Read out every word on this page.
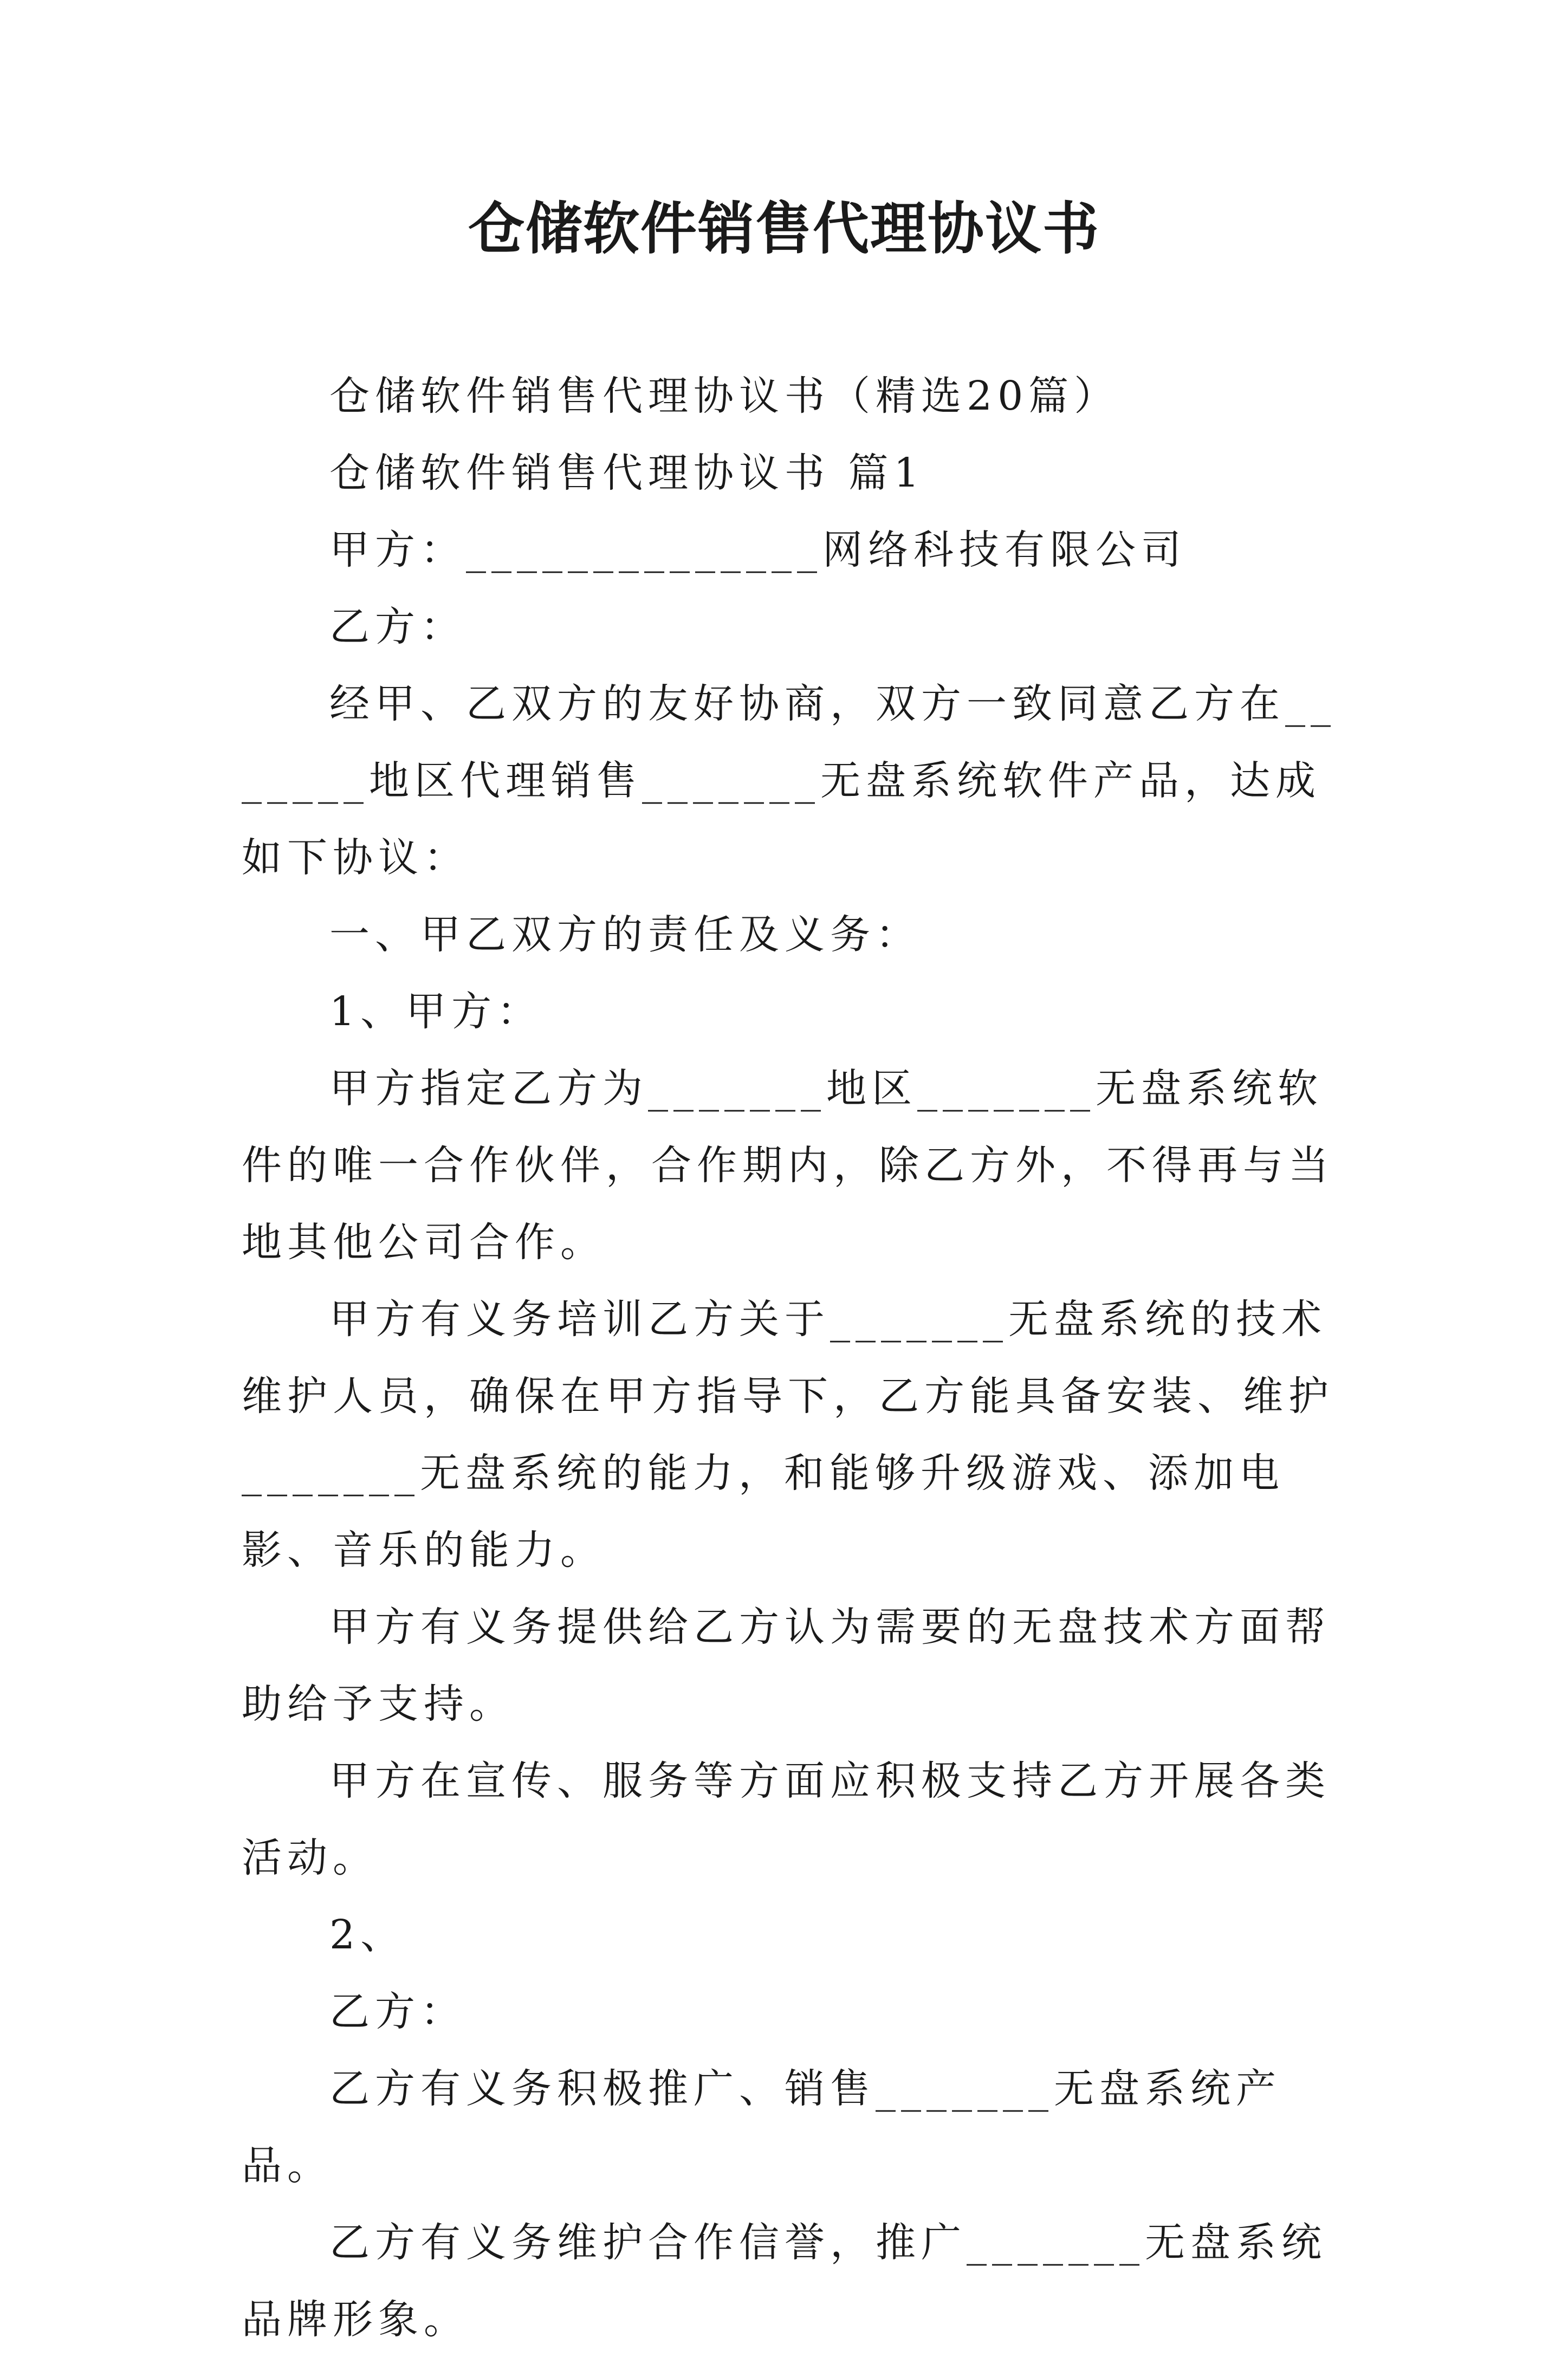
仓储软件销售代理协议书

仓储软件销售代理协议书（精选20篇）

仓储软件销售代理协议书 篇1

甲方：______________网络科技有限公司

乙方：

经甲、乙双方的友好协商，双方一致同意乙方在_______地区代理销售_______无盘系统软件产品，达成如下协议：

一、甲乙双方的责任及义务：

1、甲方：

甲方指定乙方为_______地区_______无盘系统软件的唯一合作伙伴，合作期内，除乙方外，不得再与当地其他公司合作。

甲方有义务培训乙方关于_______无盘系统的技术维护人员，确保在甲方指导下，乙方能具备安装、维护_______无盘系统的能力，和能够升级游戏、添加电影、音乐的能力。

甲方有义务提供给乙方认为需要的无盘技术方面帮助给予支持。

甲方在宣传、服务等方面应积极支持乙方开展各类活动。

2、

乙方：

乙方有义务积极推广、销售_______无盘系统产品。

乙方有义务维护合作信誉，推广_______无盘系统品牌形象。
